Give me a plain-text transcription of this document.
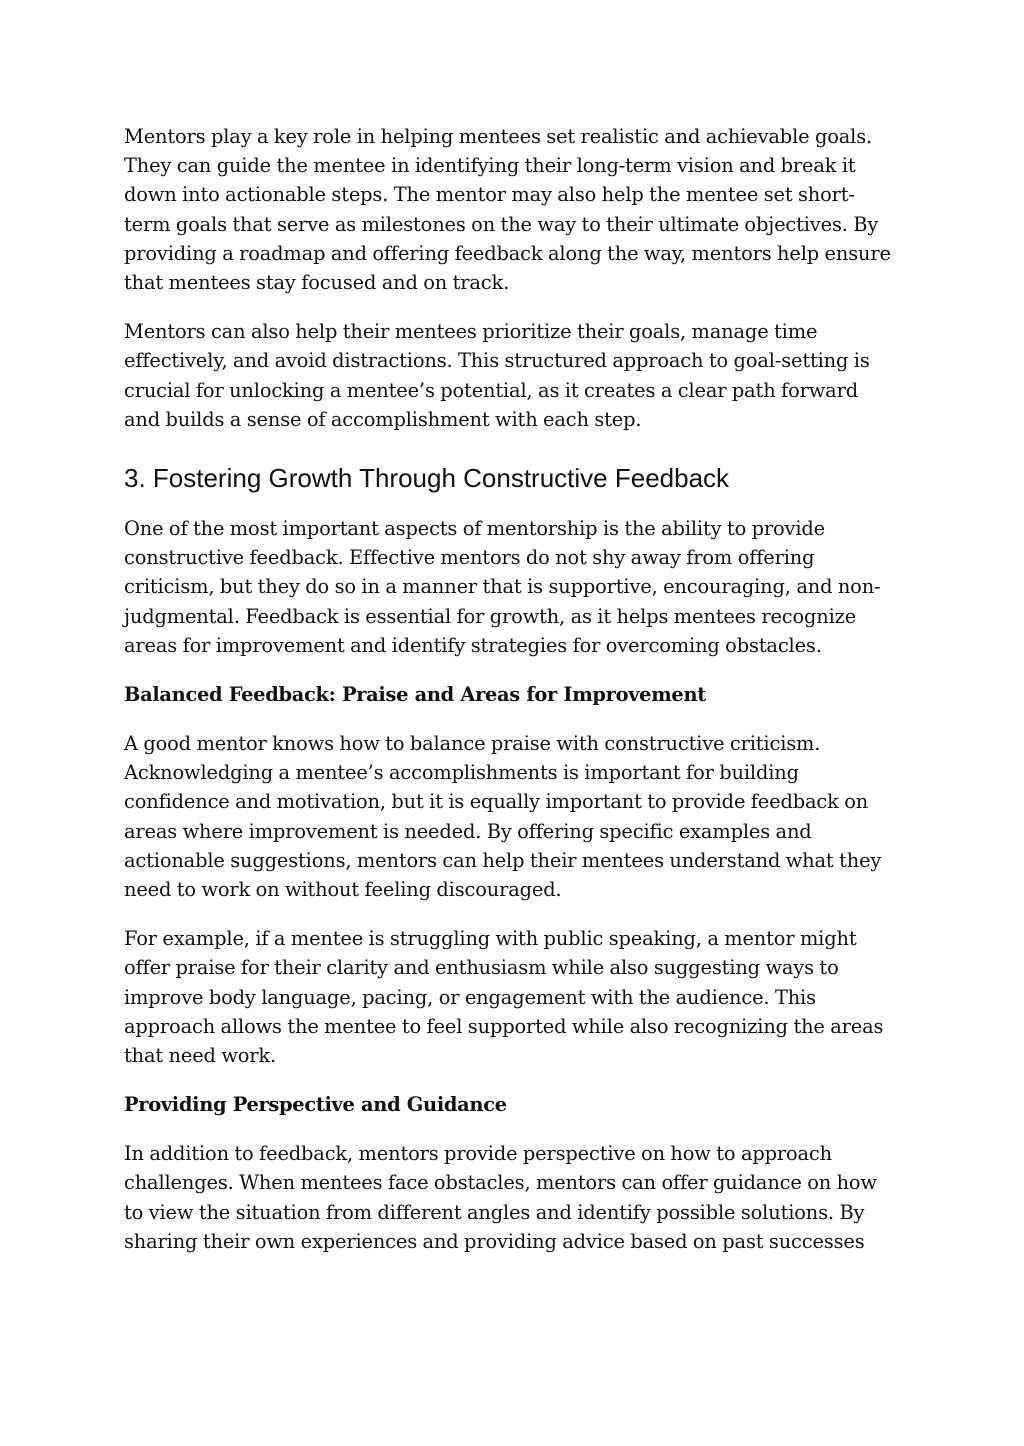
Mentors play a key role in helping mentees set realistic and achievable goals. They can guide the mentee in identifying their long-term vision and break it down into actionable steps. The mentor may also help the mentee set short-term goals that serve as milestones on the way to their ultimate objectives. By providing a roadmap and offering feedback along the way, mentors help ensure that mentees stay focused and on track.

Mentors can also help their mentees prioritize their goals, manage time effectively, and avoid distractions. This structured approach to goal-setting is crucial for unlocking a mentee’s potential, as it creates a clear path forward and builds a sense of accomplishment with each step.

3. Fostering Growth Through Constructive Feedback

One of the most important aspects of mentorship is the ability to provide constructive feedback. Effective mentors do not shy away from offering criticism, but they do so in a manner that is supportive, encouraging, and non-judgmental. Feedback is essential for growth, as it helps mentees recognize areas for improvement and identify strategies for overcoming obstacles.

Balanced Feedback: Praise and Areas for Improvement

A good mentor knows how to balance praise with constructive criticism. Acknowledging a mentee’s accomplishments is important for building confidence and motivation, but it is equally important to provide feedback on areas where improvement is needed. By offering specific examples and actionable suggestions, mentors can help their mentees understand what they need to work on without feeling discouraged.

For example, if a mentee is struggling with public speaking, a mentor might offer praise for their clarity and enthusiasm while also suggesting ways to improve body language, pacing, or engagement with the audience. This approach allows the mentee to feel supported while also recognizing the areas that need work.

Providing Perspective and Guidance

In addition to feedback, mentors provide perspective on how to approach challenges. When mentees face obstacles, mentors can offer guidance on how to view the situation from different angles and identify possible solutions. By sharing their own experiences and providing advice based on past successes
